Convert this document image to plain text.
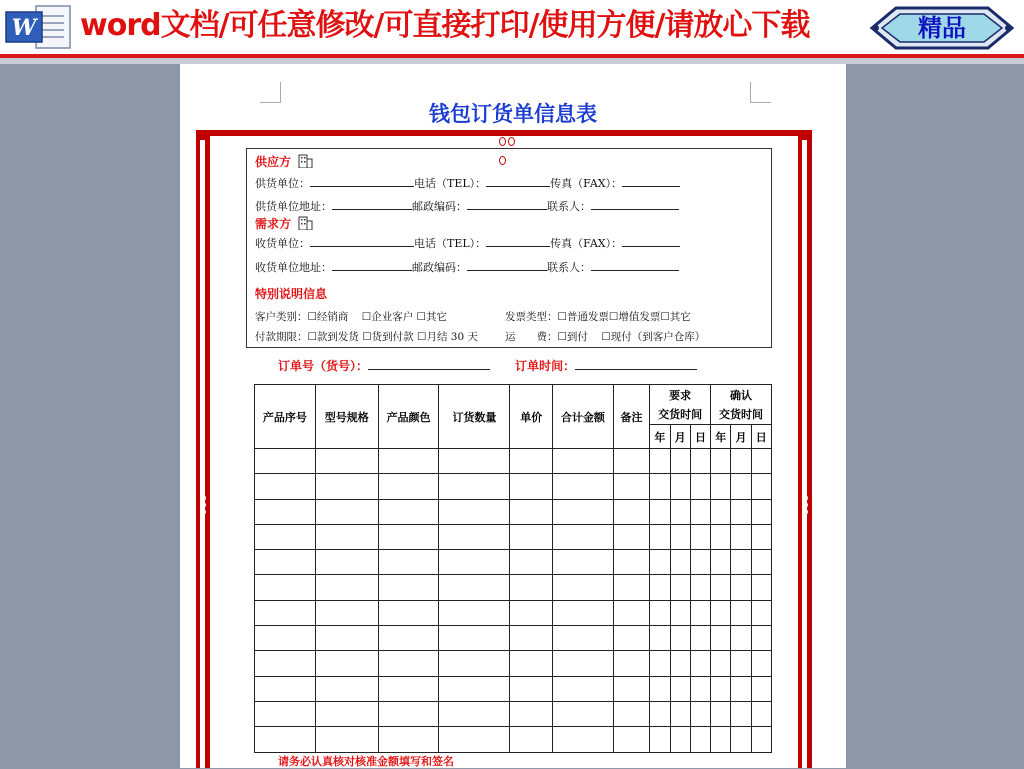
W word文档/可任意修改/可直接打印/使用方便/请放心下载	精品
钱包订货单信息表
供应方
供货单位：	电话（TEL）：	传真（FAX）：
供货单位地址：	邮政编码：	联系人：
需求方
收货单位：	电话（TEL）：	传真（FAX）：
收货单位地址：	邮政编码：	联系人：
特别说明信息
客户类别：☐经销商 ☐企业客户 ☐其它	发票类型：☐普通发票☐增值发票☐其它
付款期限：☐款到发货 ☐货到付款 ☐月结 30 天	运　　费：☐到付 ☐现付（到客户仓库）
订单号（货号）：	订单时间：
产品序号	型号规格	产品颜色	订货数量	单价	合计金额	备注	要求			确认		
							交货时间			交货时间		
							年	月	日	年	月	日

请务必认真核对核准金额填写和签名
